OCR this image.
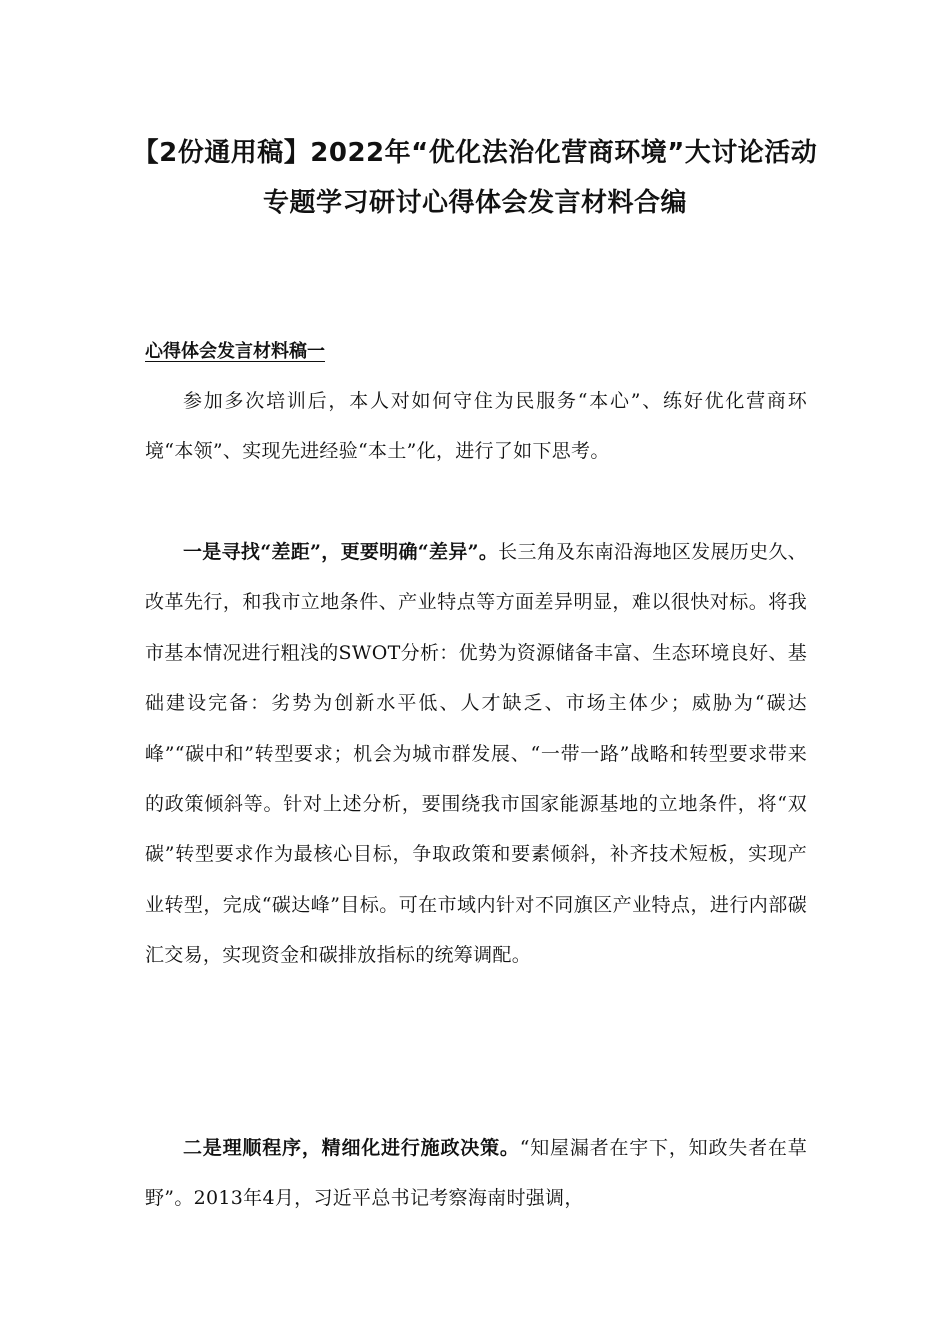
【2份通用稿】2022年“优化法治化营商环境”大讨论活动专题学习研讨心得体会发言材料合编
心得体会发言材料稿一

参加多次培训后，本人对如何守住为民服务“本心”、练好优化营商环境“本领”、实现先进经验“本土”化，进行了如下思考。

一是寻找“差距”，更要明确“差异”。长三角及东南沿海地区发展历史久、改革先行，和我市立地条件、产业特点等方面差异明显，难以很快对标。将我市基本情况进行粗浅的SWOT分析：优势为资源储备丰富、生态环境良好、基础建设完备：劣势为创新水平低、人才缺乏、市场主体少；威胁为“碳达峰”“碳中和”转型要求；机会为城市群发展、“一带一路”战略和转型要求带来的政策倾斜等。针对上述分析，要围绕我市国家能源基地的立地条件，将“双碳”转型要求作为最核心目标，争取政策和要素倾斜，补齐技术短板，实现产业转型，完成“碳达峰”目标。可在市域内针对不同旗区产业特点，进行内部碳汇交易，实现资金和碳排放指标的统筹调配。

二是理顺程序，精细化进行施政决策。“知屋漏者在宇下，知政失者在草野”。2013年4月，习近平总书记考察海南时强调，
